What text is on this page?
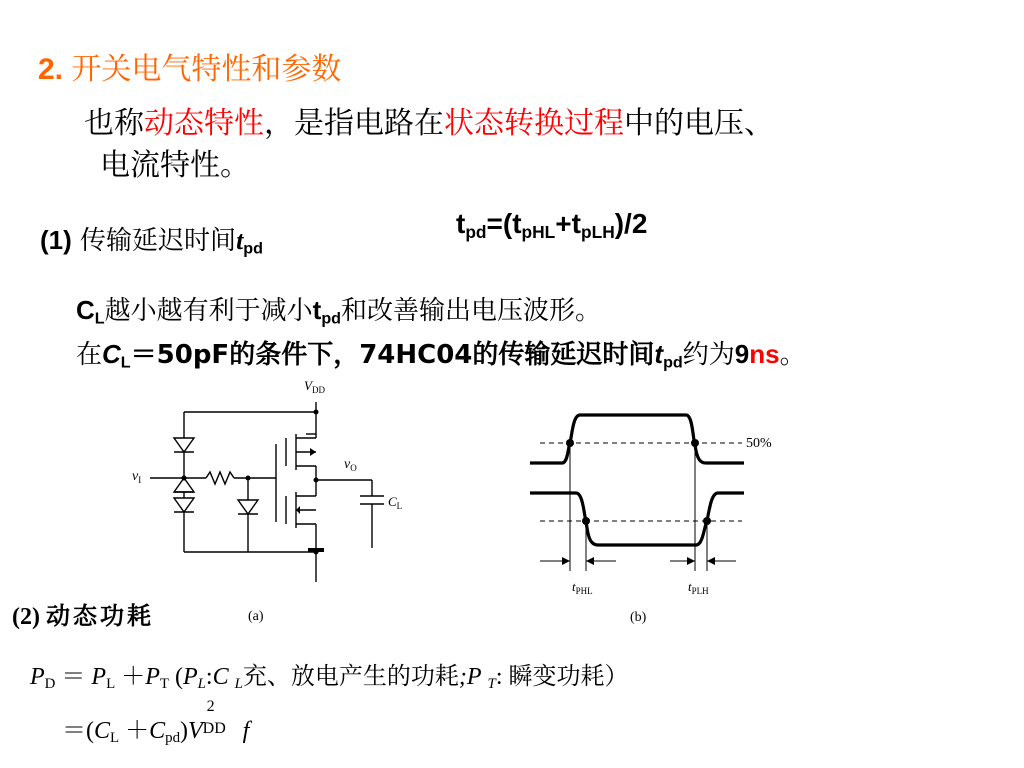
2. 开关电气特性和参数
也称动态特性，是指电路在状态转换过程中的电压、
电流特性。
(1) 传输延迟时间$t_{pd}$
$t_{pd}=(t_{pHL}+t_{pLH})/2$
$C_L$越小越有利于减小$t_{pd}$和改善输出电压波形。
在$C_L=50pF$的条件下，74HC04的传输延迟时间$t_{pd}$约为9ns。
$V_{DD}$
$v_I$
$v_O$
$C_L$
(a)
50%
$t_{PHL}$	$t_{PLH}$
(b)
(2) 动态功耗
$P_D = P_L +P_T$ ($P_L:C$ $_L$充、放电产生的功耗;P $_T$: 瞬变功耗）
$=(C_L +C_{pd})V$
2
DD f
